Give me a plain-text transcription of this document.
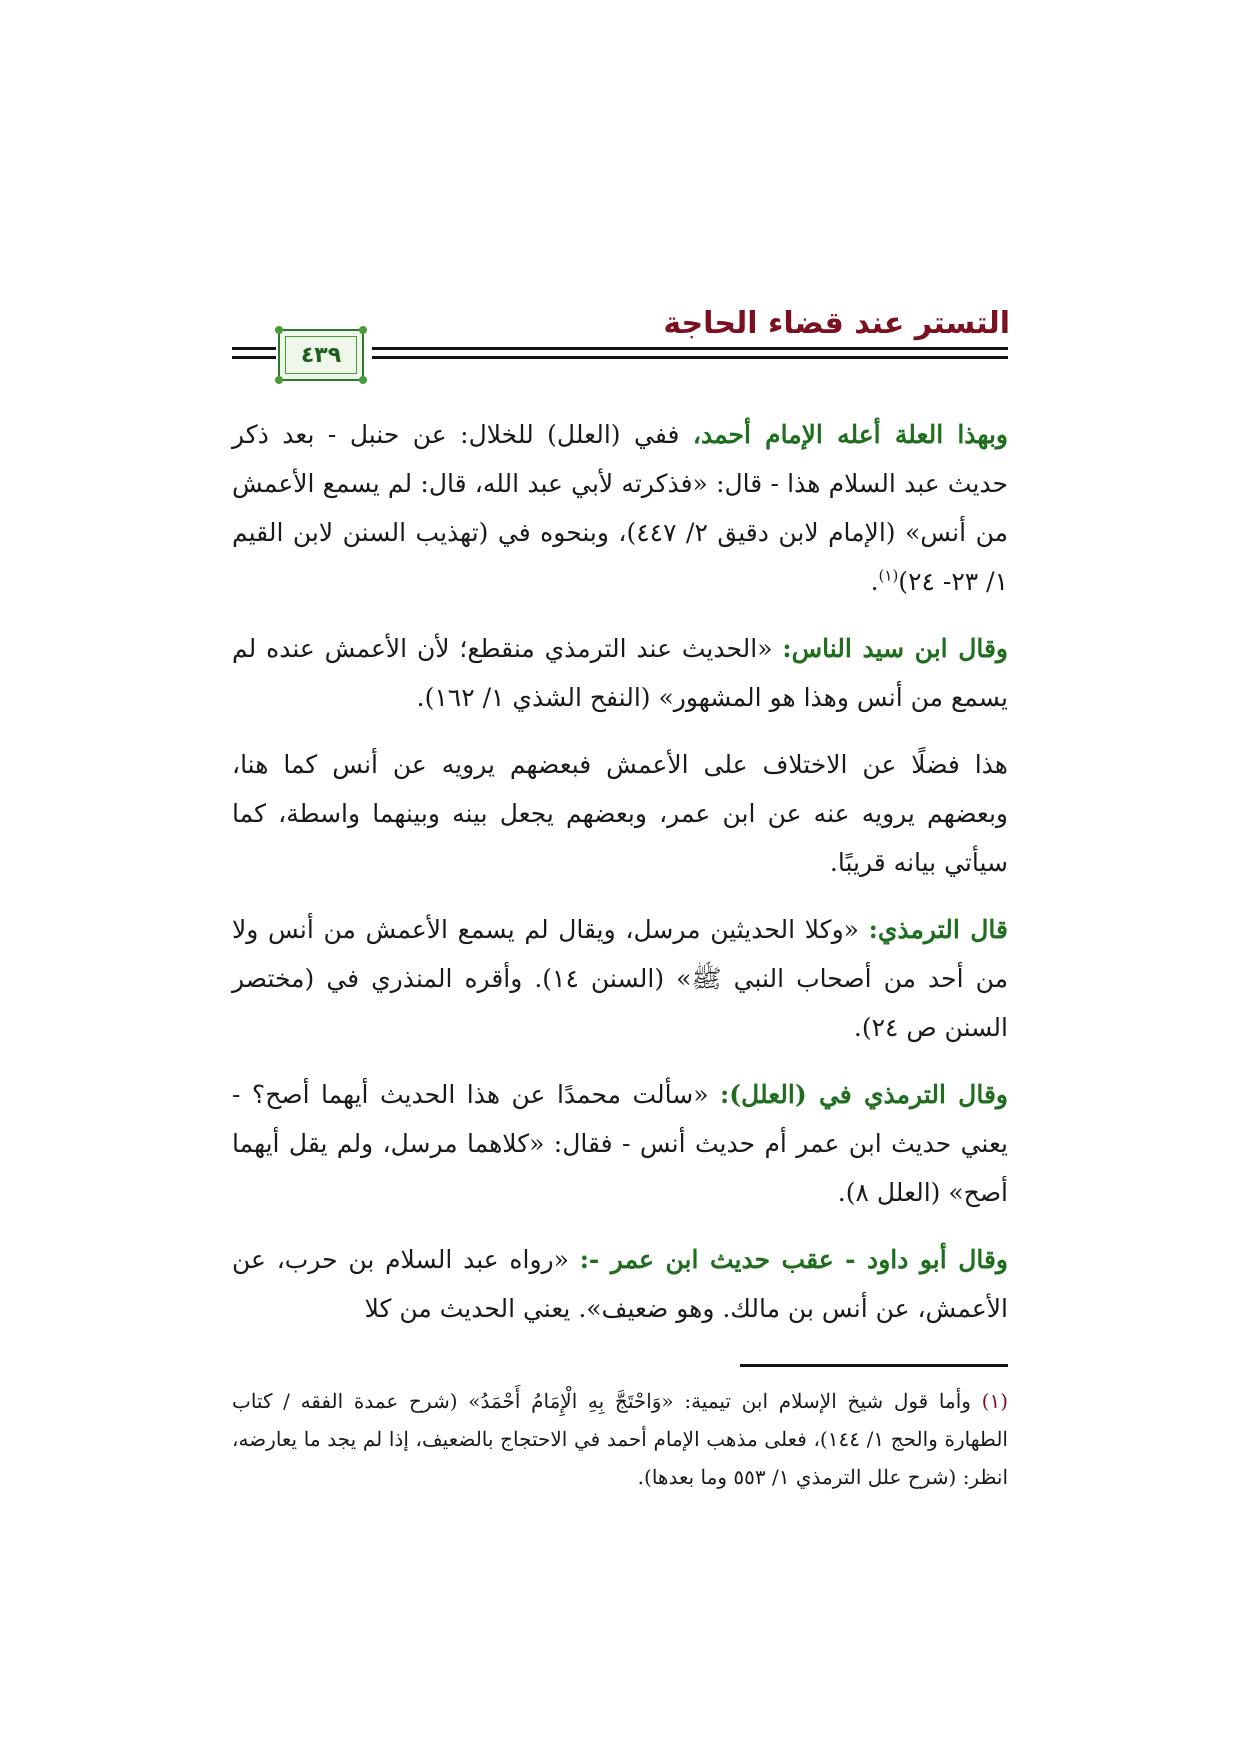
التستر عند قضاء الحاجة
٤٣٩

وبهذا العلة أعله الإمام أحمد، ففي (العلل) للخلال: عن حنبل - بعد ذكر حديث عبد السلام هذا - قال: «فذكرته لأبي عبد الله، قال: لم يسمع الأعمش من أنس» (الإمام لابن دقيق ٢/ ٤٤٧)، وبنحوه في (تهذيب السنن لابن القيم ١/ ٢٣- ٢٤)$^{(١)}$.

وقال ابن سيد الناس: «الحديث عند الترمذي منقطع؛ لأن الأعمش عنده لم يسمع من أنس وهذا هو المشهور» (النفح الشذي ١/ ١٦٢).

هذا فضلًا عن الاختلاف على الأعمش فبعضهم يرويه عن أنس كما هنا، وبعضهم يرويه عنه عن ابن عمر، وبعضهم يجعل بينه وبينهما واسطة، كما سيأتي بيانه قريبًا.

قال الترمذي: «وكلا الحديثين مرسل، ويقال لم يسمع الأعمش من أنس ولا من أحد من أصحاب النبي ﷺ» (السنن ١٤). وأقره المنذري في (مختصر السنن ص ٢٤).

وقال الترمذي في (العلل): «سألت محمدًا عن هذا الحديث أيهما أصح؟ - يعني حديث ابن عمر أم حديث أنس - فقال: «كلاهما مرسل، ولم يقل أيهما أصح» (العلل ٨).

وقال أبو داود - عقب حديث ابن عمر -: «رواه عبد السلام بن حرب، عن الأعمش، عن أنس بن مالك. وهو ضعيف». يعني الحديث من كلا

(١) وأما قول شيخ الإسلام ابن تيمية: «وَاحْتَجَّ بِهِ الْإِمَامُ أَحْمَدُ» (شرح عمدة الفقه / كتاب الطهارة والحج ١/ ١٤٤)، فعلى مذهب الإمام أحمد في الاحتجاج بالضعيف، إذا لم يجد ما يعارضه، انظر: (شرح علل الترمذي ١/ ٥٥٣ وما بعدها).
